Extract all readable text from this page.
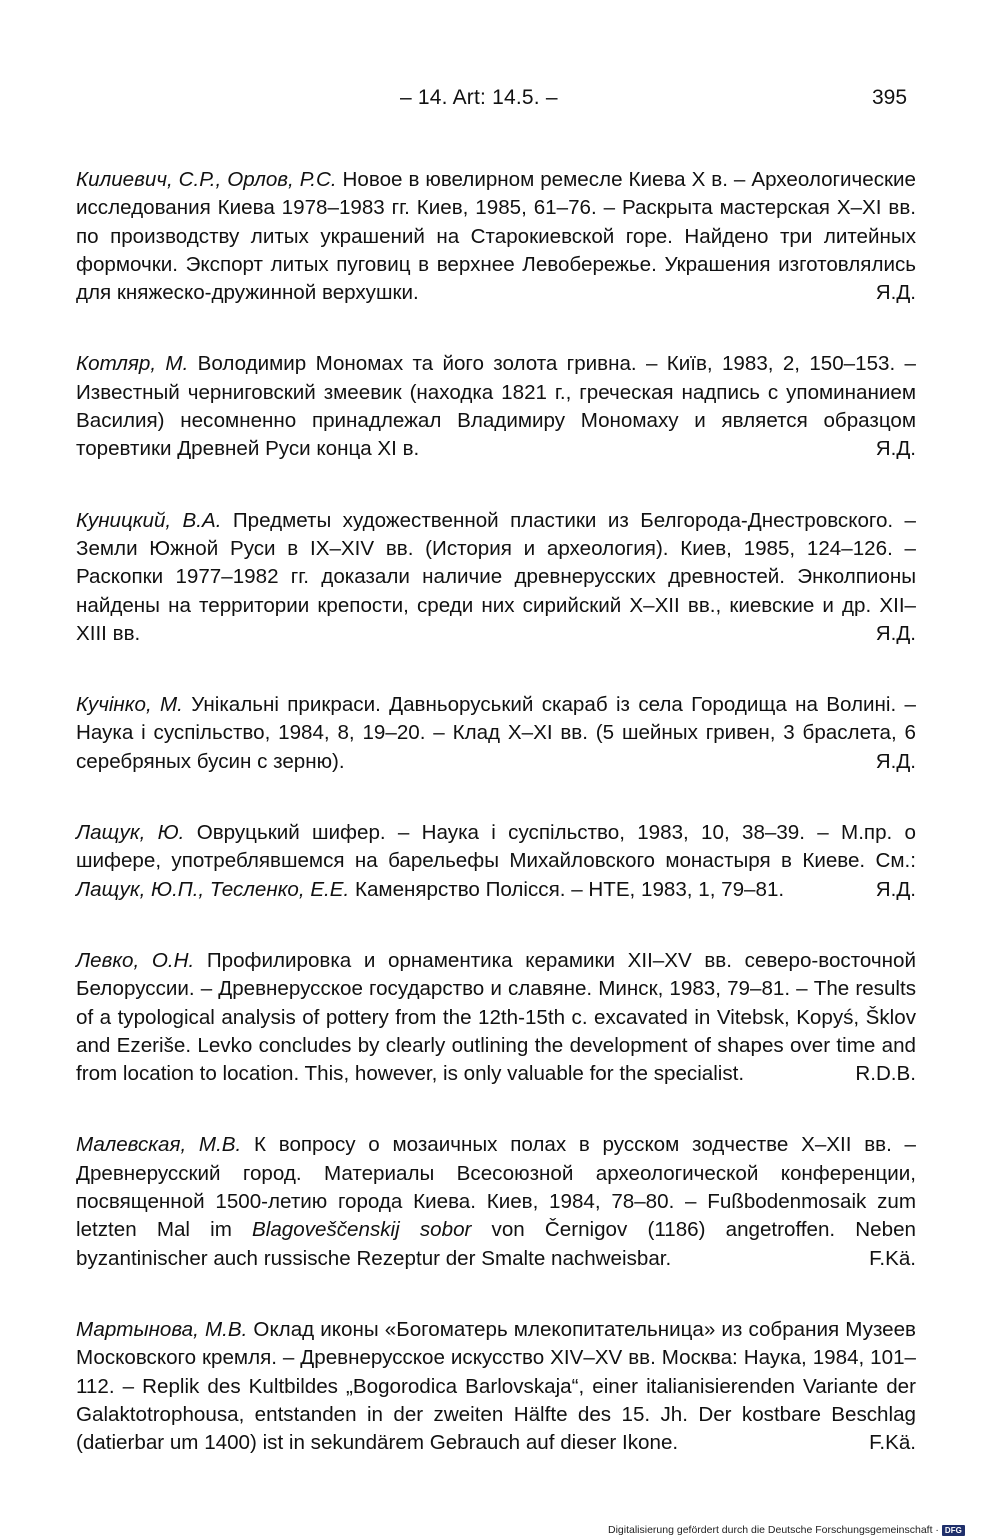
– 14. Art: 14.5. –	395

Килиевич, С.Р., Орлов, Р.С. Новое в ювелирном ремесле Киева X в. – Археологические исследования Киева 1978–1983 гг. Киев, 1985, 61–76. – Раскрыта мастерская X–XI вв. по производству литых украшений на Старокиевской горе. Найдено три литейных формочки. Экспорт литых пуговиц в верхнее Левобережье. Украшения изготовлялись для княжеско-дружинной верхушки.	Я.Д.

Котляр, М. Володимир Мономах та його золота гривна. – Київ, 1983, 2, 150–153. – Известный черниговский змеевик (находка 1821 г., греческая надпись с упоминанием Василия) несомненно принадлежал Владимиру Мономаху и является образцом торевтики Древней Руси конца XI в.	Я.Д.

Куницкий, В.А. Предметы художественной пластики из Белгорода-Днестровского. – Земли Южной Руси в IX–XIV вв. (История и археология). Киев, 1985, 124–126. – Раскопки 1977–1982 гг. доказали наличие древнерусских древностей. Энколпионы найдены на территории крепости, среди них сирийский X–XII вв., киевские и др. XII–XIII вв.	Я.Д.

Кучінко, М. Унікальні прикраси. Давньоруський скараб із села Городища на Волині. – Наука і суспільство, 1984, 8, 19–20. – Клад X–XI вв. (5 шейных гривен, 3 браслета, 6 серебряных бусин с зерню).	Я.Д.

Лащук, Ю. Овруцький шифер. – Наука і суспільство, 1983, 10, 38–39. – М.пр. о шифере, употреблявшемся на барельефы Михайловского монастыря в Киеве. См.: Лащук, Ю.П., Тесленко, Е.Е. Каменярство Полісся. – НТЕ, 1983, 1, 79–81.	Я.Д.

Левко, О.Н. Профилировка и орнаментика керамики XII–XV вв. северо-восточной Белоруссии. – Древнерусское государство и славяне. Минск, 1983, 79–81. – The results of a typological analysis of pottery from the 12th-15th c. excavated in Vitebsk, Kopyś, Šklov and Ezeriše. Levko concludes by clearly outlining the development of shapes over time and from location to location. This, however, is only valuable for the specialist.	R.D.B.

Малевская, М.В. К вопросу о мозаичных полах в русском зодчестве X–XII вв. – Древнерусский город. Материалы Всесоюзной археологической конференции, посвященной 1500-летию города Киева. Киев, 1984, 78–80. – Fußbodenmosaik zum letzten Mal im Blagoveščenskij sobor von Černigov (1186) angetroffen. Neben byzantinischer auch russische Rezeptur der Smalte nachweisbar.	F.Kä.

Мартынова, М.В. Оклад иконы «Богоматерь млекопитательница» из собрания Музеев Московского кремля. – Древнерусское искусство XIV–XV вв. Москва: Наука, 1984, 101–112. – Replik des Kultbildes „Bogorodica Barlovskaja“, einer italianisierenden Variante der Galaktotrophousa, entstanden in der zweiten Hälfte des 15. Jh. Der kostbare Beschlag (datierbar um 1400) ist in sekundärem Gebrauch auf dieser Ikone.	F.Kä.

Digitalisierung gefördert durch die Deutsche Forschungsgemeinschaft · DFG
